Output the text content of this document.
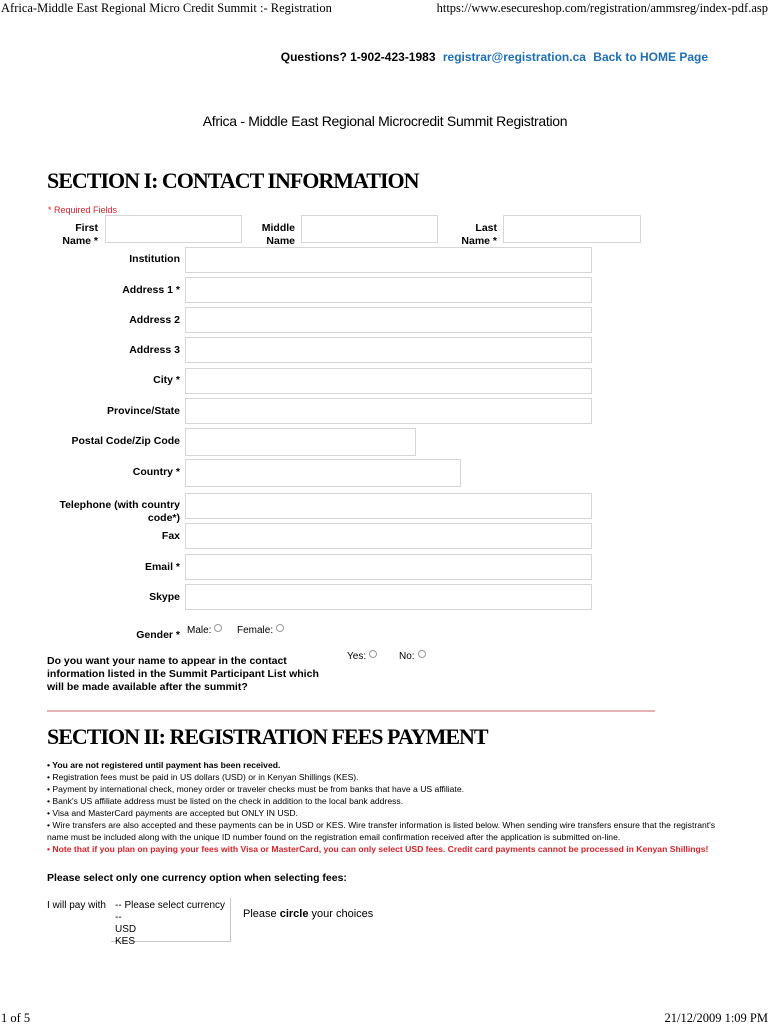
Africa-Middle East Regional Micro Credit Summit :- Registration	https://www.esecureshop.com/registration/ammsreg/index-pdf.asp
Questions? 1-902-423-1983 registrar@registration.ca Back to HOME Page
Africa - Middle East Regional Microcredit Summit Registration
SECTION I: CONTACT INFORMATION
* Required Fields
First
Name *
Middle
Name
Last
Name *
Institution
Address 1 *
Address 2
Address 3
City *
Province/State
Postal Code/Zip Code
Country *
Telephone (with country
code*)
Fax
Email *
Skype
Male:	Female:
Gender *
Yes:	No:
Do you want your name to appear in the contact information listed in the Summit Participant List which will be made available after the summit?
SECTION II: REGISTRATION FEES PAYMENT
• You are not registered until payment has been received.
• Registration fees must be paid in US dollars (USD) or in Kenyan Shillings (KES).
• Payment by international check, money order or traveler checks must be from banks that have a US affiliate.
• Bank's US affiliate address must be listed on the check in addition to the local bank address.
• Visa and MasterCard payments are accepted but ONLY IN USD.
• Wire transfers are also accepted and these payments can be in USD or KES. Wire transfer information is listed below. When sending wire transfers ensure that the registrant's name must be included along with the unique ID number found on the registration email confirmation received after the application is submitted on-line.
• Note that if you plan on paying your fees with Visa or MasterCard, you can only select USD fees. Credit card payments cannot be processed in Kenyan Shillings!
Please select only one currency option when selecting fees:
I will pay with -- Please select currency --
USD
KES
Please circle your choices
1 of 5	21/12/2009 1:09 PM
